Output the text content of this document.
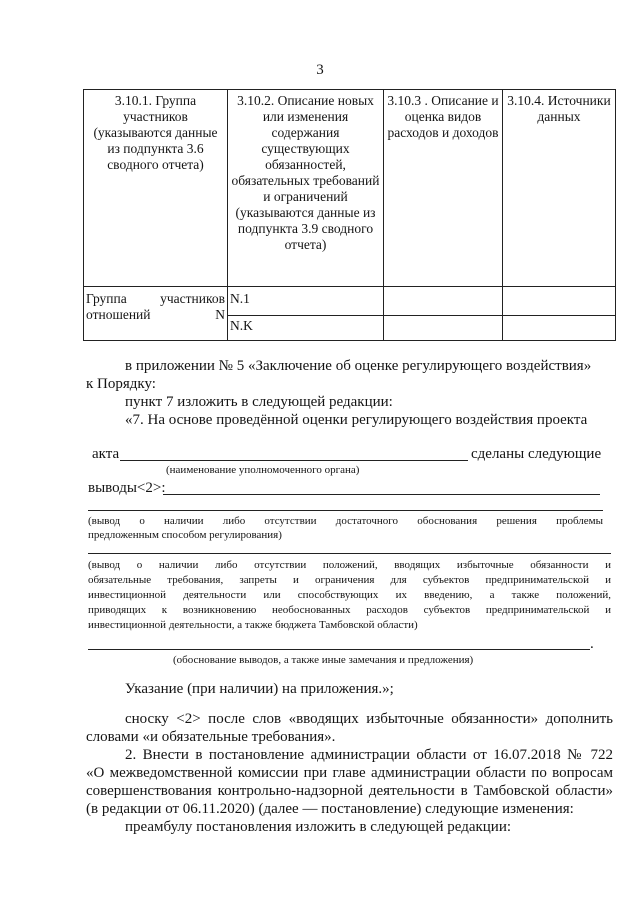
3
3.10.1. Группа участников (указываются данные из подпункта 3.6 сводного отчета)	3.10.2. Описание новых или изменения содержания существующих обязанностей, обязательных требований и ограничений (указываются данные из подпункта 3.9 сводного отчета)	3.10.3 . Описание и оценка видов расходов и доходов	3.10.4. Источники данных
Группа участников отношений N	N.1		
	N.K		
в приложении № 5 «Заключение об оценке регулирующего воздействия»
к Порядку:
пункт 7 изложить в следующей редакции:
«7. На основе проведённой оценки регулирующего воздействия проекта
акта	сделаны следующие
(наименование уполномоченного органа)
выводы<2>:
(вывод о наличии либо отсутствии достаточного обоснования решения проблемы
предложенным способом регулирования)
(вывод о наличии либо отсутствии положений, вводящих избыточные обязанности и
обязательные требования, запреты и ограничения для субъектов предпринимательской и
инвестиционной деятельности или способствующих их введению, а также положений,
приводящих к возникновению необоснованных расходов субъектов предпринимательской и
инвестиционной деятельности, а также бюджета Тамбовской области)
.
(обоснование выводов, а также иные замечания и предложения)
Указание (при наличии) на приложения.»;
сноску <2> после слов «вводящих избыточные обязанности» дополнить
словами «и обязательные требования».
2. Внести в постановление администрации области от 16.07.2018 № 722
«О межведомственной комиссии при главе администрации области по вопросам
совершенствования контрольно-надзорной деятельности в Тамбовской области»
(в редакции от 06.11.2020) (далее — постановление) следующие изменения:
преамбулу постановления изложить в следующей редакции:
